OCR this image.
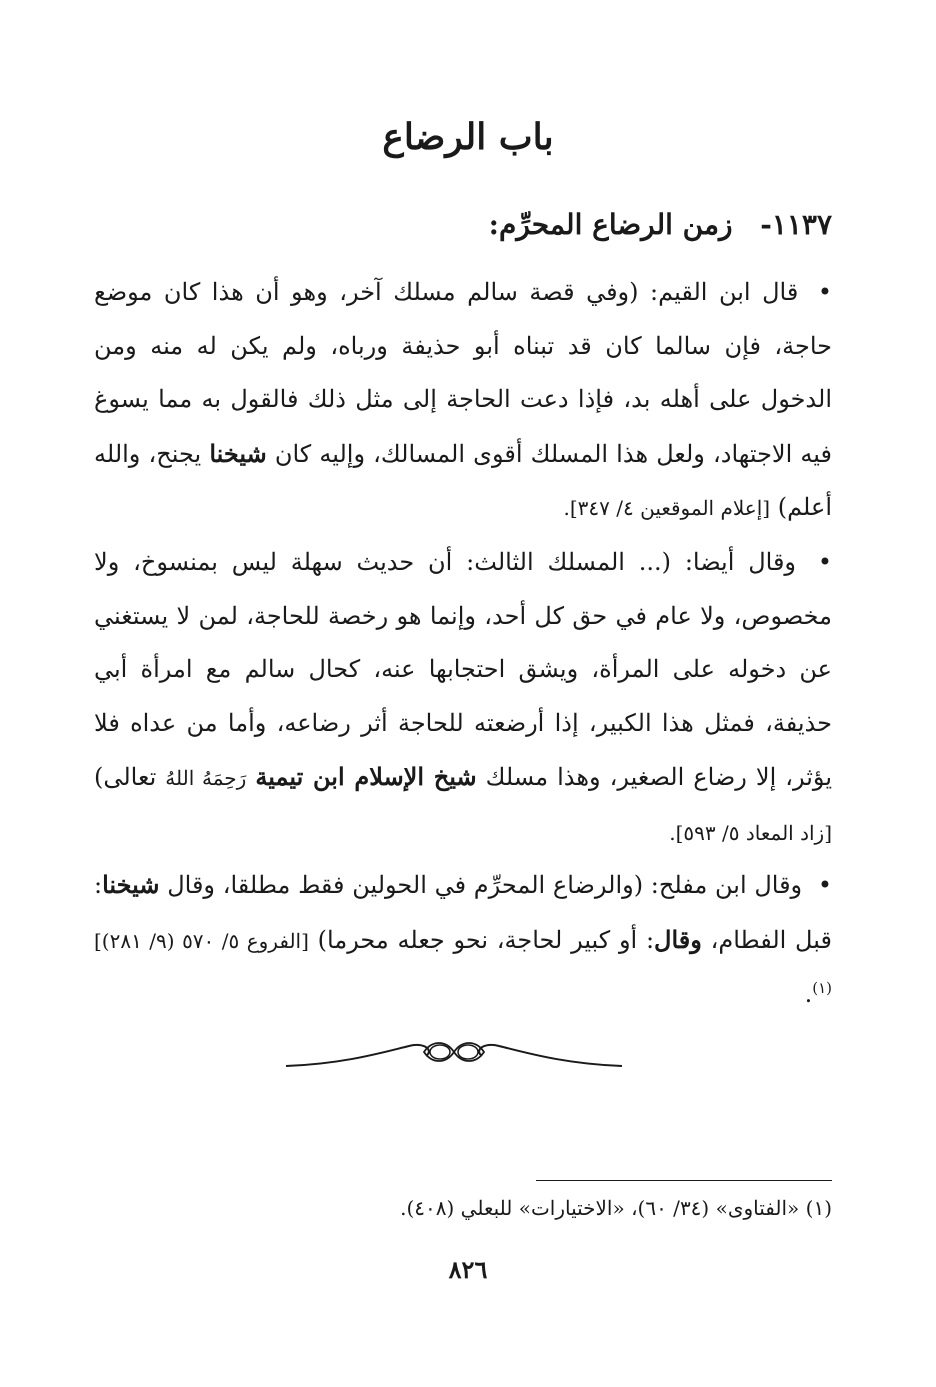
باب الرضاع
١١٣٧- زمن الرضاع المحرِّم:
• قال ابن القيم: (وفي قصة سالم مسلك آخر، وهو أن هذا كان موضع حاجة، فإن سالما كان قد تبناه أبو حذيفة ورباه، ولم يكن له منه ومن الدخول على أهله بد، فإذا دعت الحاجة إلى مثل ذلك فالقول به مما يسوغ فيه الاجتهاد، ولعل هذا المسلك أقوى المسالك، وإليه كان شيخنا يجنح، والله أعلم) [إعلام الموقعين ٤/ ٣٤٧].
• وقال أيضا: (... المسلك الثالث: أن حديث سهلة ليس بمنسوخ، ولا مخصوص، ولا عام في حق كل أحد، وإنما هو رخصة للحاجة، لمن لا يستغني عن دخوله على المرأة، ويشق احتجابها عنه، كحال سالم مع امرأة أبي حذيفة، فمثل هذا الكبير، إذا أرضعته للحاجة أثر رضاعه، وأما من عداه فلا يؤثر، إلا رضاع الصغير، وهذا مسلك شيخ الإسلام ابن تيمية رَحِمَهُ اللهُ تعالى) [زاد المعاد ٥/ ٥٩٣].
• وقال ابن مفلح: (والرضاع المحرِّم في الحولين فقط مطلقا، وقال شيخنا: قبل الفطام، وقال: أو كبير لحاجة، نحو جعله محرما) [الفروع ٥/ ٥٧٠ (٩/ ٢٨١)]$^{(١)}$.
(١) «الفتاوى» (٣٤/ ٦٠)، «الاختيارات» للبعلي (٤٠٨).
٨٢٦
